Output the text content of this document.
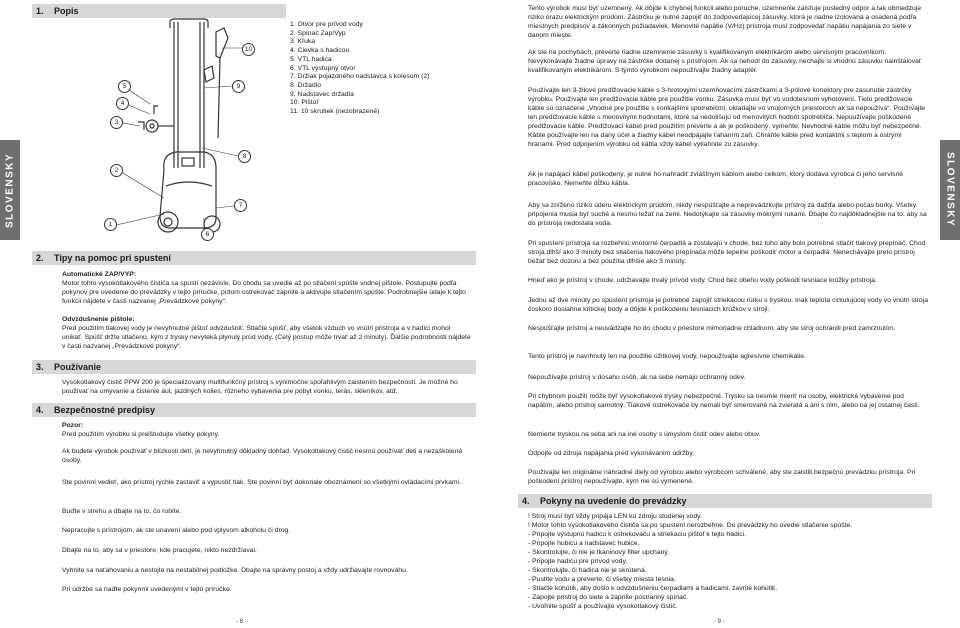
1. Popis
1
2
3
4
5
6
7
8
9
10
1. Otvor pre prívod vody
2. Spínač Zap/Vyp
3. Kľuka
4. Cievka s hadicou
5. VTL hadica
6. VTL výstupný otvor
7. Držiak pojazdného nadstavca s kolesom (2)
8. Držadlo
9. Nadstavec držadla
10. Pištoľ
11. 10 skrutiek (nezobrazené)
SLOVENSKY
2. Tipy na pomoc pri spustení

Automatické ZAP/VYP:

Motor tohto vysokotlakového čističa sa spustí nezávisle. Do chodu sa uvedie až po stlačení spúšte vodnej pištole. Postupujte podľa pokynov pre uvedenie do prevádzky v tejto príručke, potom ostrekovač zapnite a aktivujte stlačením spúšte. Podrobnejšie údaje k tejto funkcii nájdete v časti nazvanej „Prevádzkové pokyny“.

Odvzdušnenie pištole:

Pred použitím tlakovej vody je nevyhnutné pištoľ odvzdušniť. Stlačte spúšť, aby všetok vzduch vo vnútri pristroja a v hadici mohol unikať. Spúšť držte stlačenú, kým z trysky nevyteká plynulý prúd vody. (Celý postup môže trvať až 2 minúty). Ďalšie podrobnosti nájdete v časti nazvanej „Prevádzkové pokyny“.

3. Používanie
Vysokotlakový čistič PPW 200 je špecializovaný multifunkčný prístroj s výnimočne spoľahlivým zaistením bezpečnosti. Je možné ho používať na umývanie a čistenie áut, jazdných kolies, rôzneho vybavenia pre pobyt vonku, terás, skleníkov, atď.
4. Bezpečnostné predpisy

Pozor:

Pred použitím výrobku si prelštudujte všetky pokyny.

Ak budete výrobok používať v blízkosti detí, je nevyhnutný dôkladný dohľad. Vysokotlakový čistič nesmú používať deti a nezaškolené osoby.
Ste povinní vedieť, ako prístroj rýchle zastaviť a vypustiť tlak. Ste povinní byť dokonale oboznámení so všetkými ovládacími prvkami.
Buďte v strehu a dbajte na to, čo robíte.
Nepracujte s prístrojom, ak ste unavení alebo pod vplyvom alkoholu či drog.
Dbajte na to, aby sa v priestore, kde pracujete, nikto nezdržiaval.
Vyhnite sa naťahovaniu a nestojte na nestabilnej podložke. Dbajte na správny postoj a vždy udržiavajte rovnováhu.
Pri údržbe sa riaďte pokynmi uvedenými v tejto príručke.
- 8 -
Tento výrobok musí byť uzemnený. Ak dôjde k chybnej funkcii alebo poruche, uzemnenie zaisťuje posledný odpor a tak obmedzuje riziko úrazu elektrickým prúdom. Zástrčku je nutné zapojiť do zodpovedajúcej zásuvky, ktorá je riadne izolovaná a osadená podľa miestnych predpisov a zákonných požiadaviek. Menovité napätie (V/Hz) prístroja musí zodpovedať napätiu napájania zo siete v danom mieste.
Ak ste na pochybách, preverte riadne uzemnenie zásuvky s kvalifikovaným elektrikárom alebo servisným pracovníkom. Nevykonávajte žiadne úpravy na zástrčke dodanej s prístrojom. Ak sa nehodí do zásuvky, nechajte si vhodnú zásuvku nainštalovať kvalifikovaným elektrikárom. S týmto výrobkom nepoužívajte žiadny adaptér.
Používajte len 3-žilové predlžovacie káble s 3-hrotovými uzemňovacími zástrčkami a 3-pólové konektory pre zasunutie zástrčky výrobku. Používajte len predlžovacie káble pre použitie vonku. Zásuvka musí byť vo vodotesnom vyhotovení. Tieto predlžovacie káble sú označené „Vhodné pre použitie s vonkajšími spotrebičmi, ukladajte vo vnútorných priestoroch ak sa nepoužíva“. Používajte len predlžovacie káble s menovitými hodnotami, ktoré sa nedolišujú od menovitých hodnôt spotrebiča. Nepoužívajte poškodené predlžovacie káble. Predlžovací kábel pred použitím preverte a ak je poškodený, vymeňte. Nevhodné káble môžu byť nebezpečné. Káble používajte len na daný účel a žiadny kábel neodpájajte ťahaním zaň. Chráňte káble pred kontaktmi s teplom a ostrými hranami. Pred odpojením výrobku od kábla vždy kábel vytiahnite zo zásuvky.
Ak je napájací kábel poškodený, je nutné ho nahradiť zvláštnym káblom alebo celkom, ktorý dodáva výrobca či jeho servisné pracovisko. Nemeňte dĺžku kábla.
Aby sa zníženo riziko úderu elektrickým prúdom, nikdy nespúšťajte a neprevádzkujte prístroj za dažďa alebo počas búrky. Všetky pripojenia musia byť suché a nesmú ležať na zemi. Nedotýkajte sa zásuvky mokrými rukami. Dbajte čo najdôkladnejšie na to, aby sa do prístroja nedostala voda.
Pri spustení prístroja sa rozbehnú vnútorné čerpadlá a zostávajú v chode, bez toho aby bolo potrebné stlačiť tlakový prepínač. Chod stroja dlhší ako 3 minúty bez stlačenia tlakového prepínača môže tepelne poškodiť motor a čerpadlá. Nenechávajte preto prístroj bežať bez dozoru a bez použitia dlhšie ako 3 minúty.
Hneď ako je prístroj v chode, udržiavajte trvalý prívod vody. Chod bez obehu vody poškodí tesniace krúžky prístroja.
Jednu až dve minúty po spustení prístroja je potrebné zapojiť striekacou rúrku s tryskou. Inak teplota cirkulujúcej vody vo vnútri stroja čoskoro dosiahne kritickej body a dôjde k poškodeniu tesniacich krúžkov v stroji.
Nespúšťajte prístroj a neuvádzajte ho do chodu v priestore mimoriadne chladnom, aby ste stroj ochránili pred zamrznutím.
Tento prístroj je navrhnutý len na použitie úžitkovej vody, nepoužívajte agresívne chemikálie.
Nepoužívajte prístroj v dosahu osôb, ak na sebe nemajú ochranný odev.
Pri chybnom použití môže byť vysokotlakové trysky nebezpečné. Trysku sa nesmie mieriť na osoby, elektrické vybavenie pod napätím, alebo prístroj samotný. Tlakové ostrekovače by nemali byť smerované na zvieratá a ani s ním, alebo na jej ostatnej časti.
Nemierte tryskou na seba ani na iné osoby s úmyslom čistiť odev alebo obuv.
Odpojte od zdroja napájania pred vykonávaním údržby.
Používajte len originálne náhradné diely od výrobcu alebo výrobcom schválené, aby ste zaistili bezpečnú prevádzku prístroja. Pri poškodení prístroj nepoužívajte, kým nie sú vymenené.
SLOVENSKY
4. Pokyny na uvedenie do prevádzky
! Stroj musí byť vždy pripája LEN ku zdroju studenej vody.
! Motor tohto vysokotlakového čističa sa po spustení nerozbehne. Do prevádzky ho uvedie stlačenie spúšte.
- Pripojte výstupnú hadicu k ostrekovaču a striekaciu pištoľ k tejto hadici.
- Pripojte hubicu a nadstavec hubice.
- Skontrolujte, či nie je tkaninový filter upchaný.
- Pripojte hadicu pre prívod vody.
- Skontrolujte, či hadica nie je skrútená.
- Pustite vodu a preverte, či všetky miesta tesnia.
- Stlačte kohútik, aby došlo k odvzdušneniu čerpadlami a hadicami, zavrite kohútik.
- Zapojte prístroj do siete a zapnite postranný spínač.
- Uvoľnite spúšť a používajte vysokotlakový čistič.
- 9 -
